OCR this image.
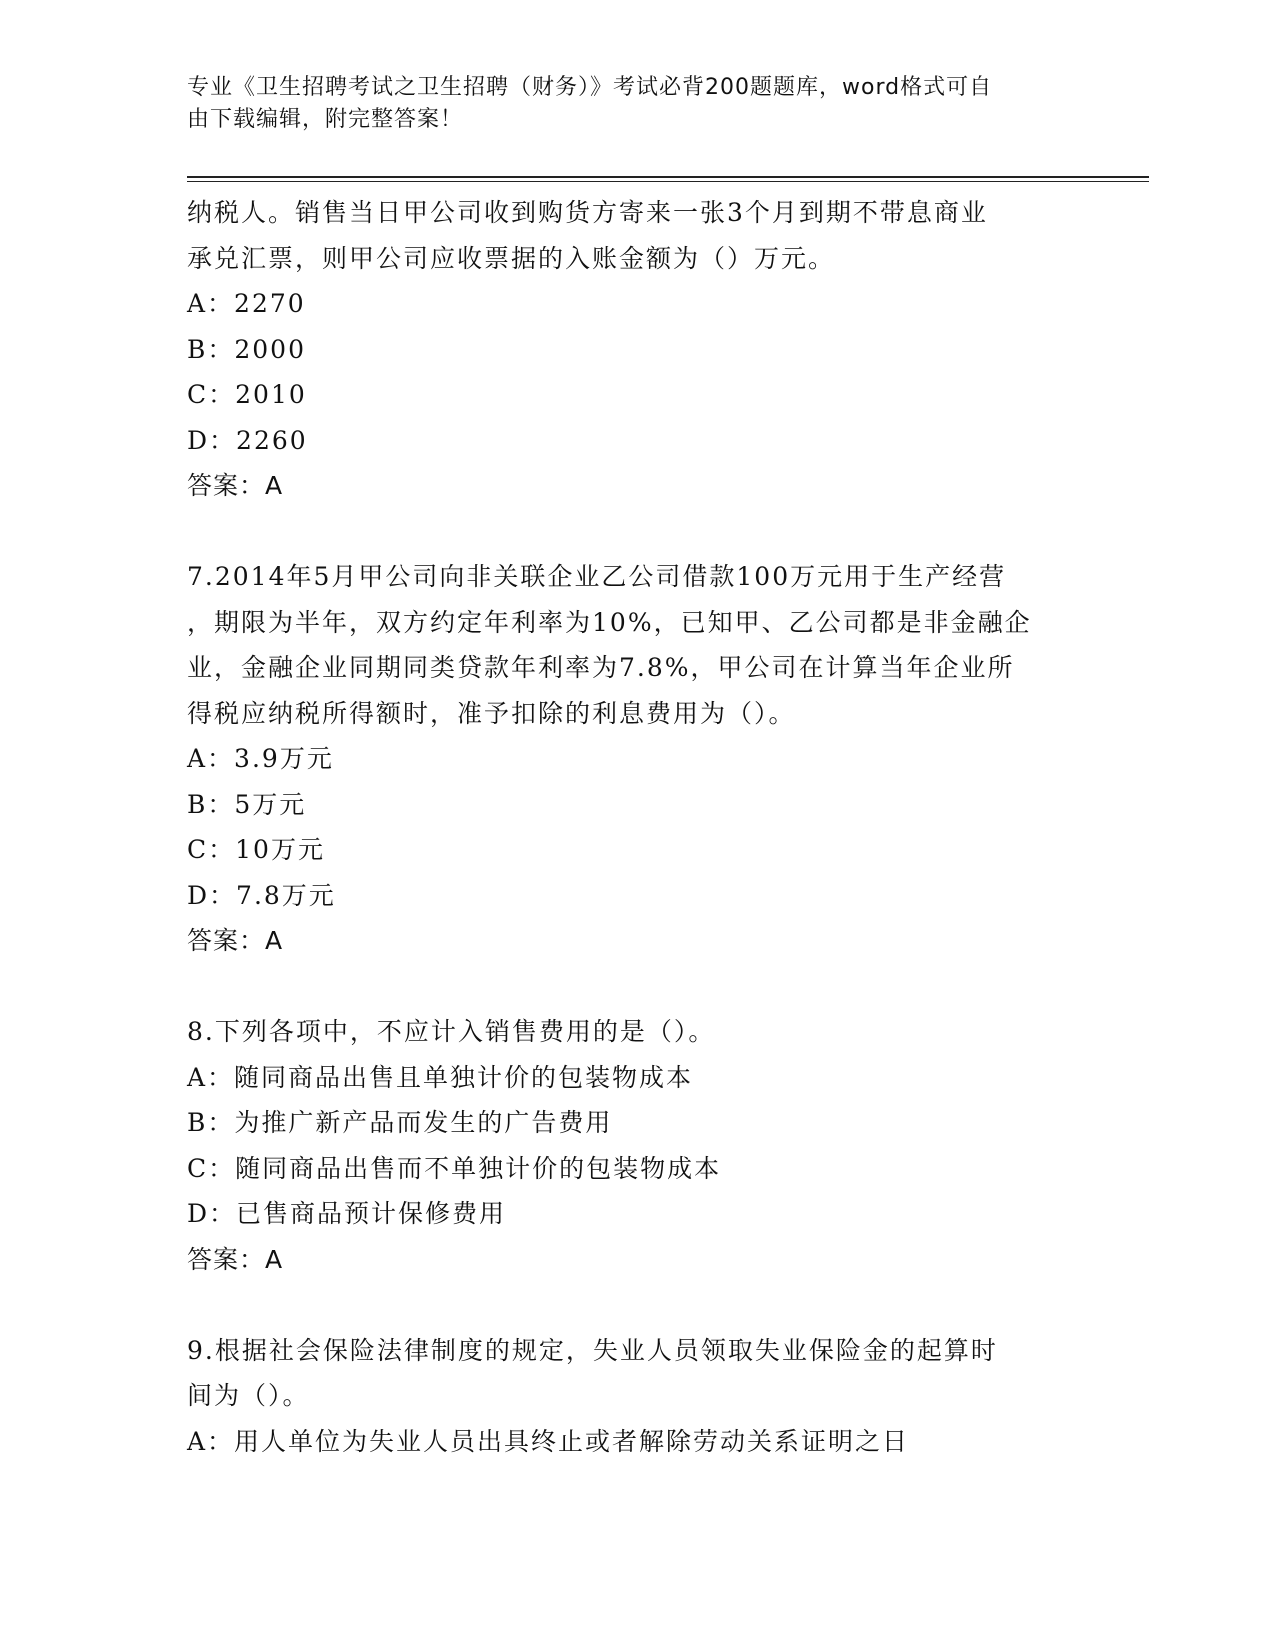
专业《卫生招聘考试之卫生招聘（财务）》考试必背200题题库，word格式可自
由下载编辑，附完整答案！
纳税人。销售当日甲公司收到购货方寄来一张3个月到期不带息商业
承兑汇票，则甲公司应收票据的入账金额为（）万元。
A：2270
B：2000
C：2010
D：2260
答案：A
7.2014年5月甲公司向非关联企业乙公司借款100万元用于生产经营
，期限为半年，双方约定年利率为10%，已知甲、乙公司都是非金融企
业，金融企业同期同类贷款年利率为7.8%，甲公司在计算当年企业所
得税应纳税所得额时，准予扣除的利息费用为（）。
A：3.9万元
B：5万元
C：10万元
D：7.8万元
答案：A
8.下列各项中，不应计入销售费用的是（）。
A：随同商品出售且单独计价的包装物成本
B：为推广新产品而发生的广告费用
C：随同商品出售而不单独计价的包装物成本
D：已售商品预计保修费用
答案：A
9.根据社会保险法律制度的规定，失业人员领取失业保险金的起算时
间为（）。
A：用人单位为失业人员出具终止或者解除劳动关系证明之日
